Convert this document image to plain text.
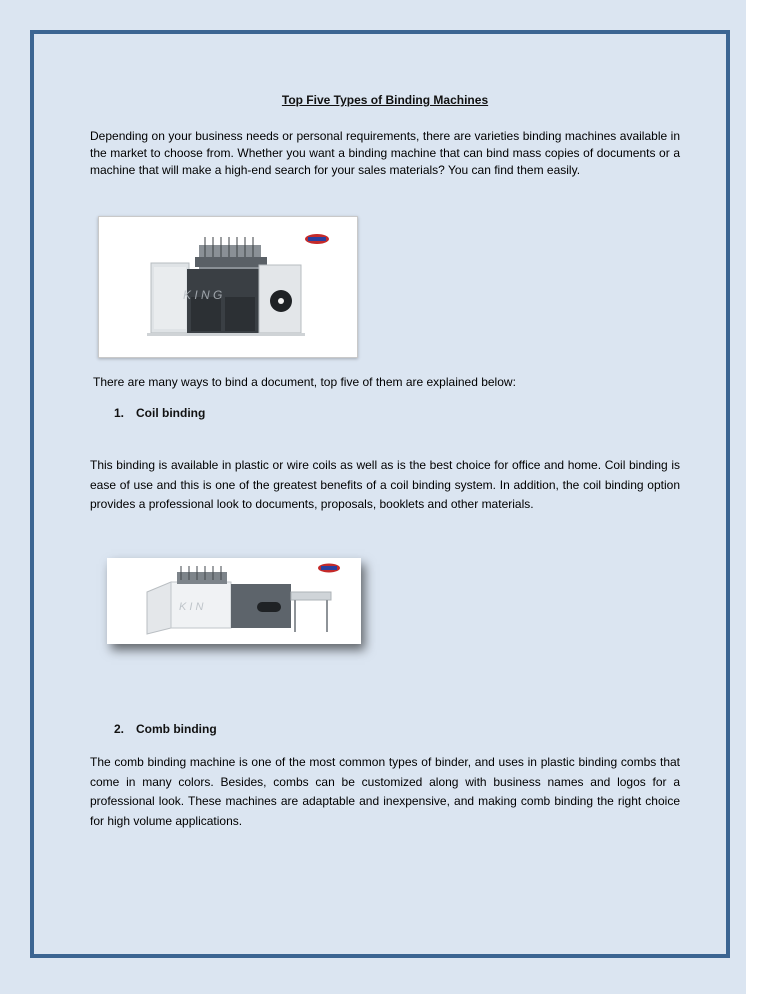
Top Five Types of Binding Machines

Depending on your business needs or personal requirements, there are varieties binding machines available in the market to choose from. Whether you want a binding machine that can bind mass copies of documents or a machine that will make a high-end search for your sales materials? You can find them easily.

K I N G

There are many ways to bind a document, top five of them are explained below:

1. Coil binding

This binding is available in plastic or wire coils as well as is the best choice for office and home. Coil binding is ease of use and this is one of the greatest benefits of a coil binding system. In addition, the coil binding option provides a professional look to documents, proposals, booklets and other materials.

K I N
2. Comb binding

The comb binding machine is one of the most common types of binder, and uses in plastic binding combs that come in many colors. Besides, combs can be customized along with business names and logos for a professional look. These machines are adaptable and inexpensive, and making comb binding the right choice for high volume applications.
